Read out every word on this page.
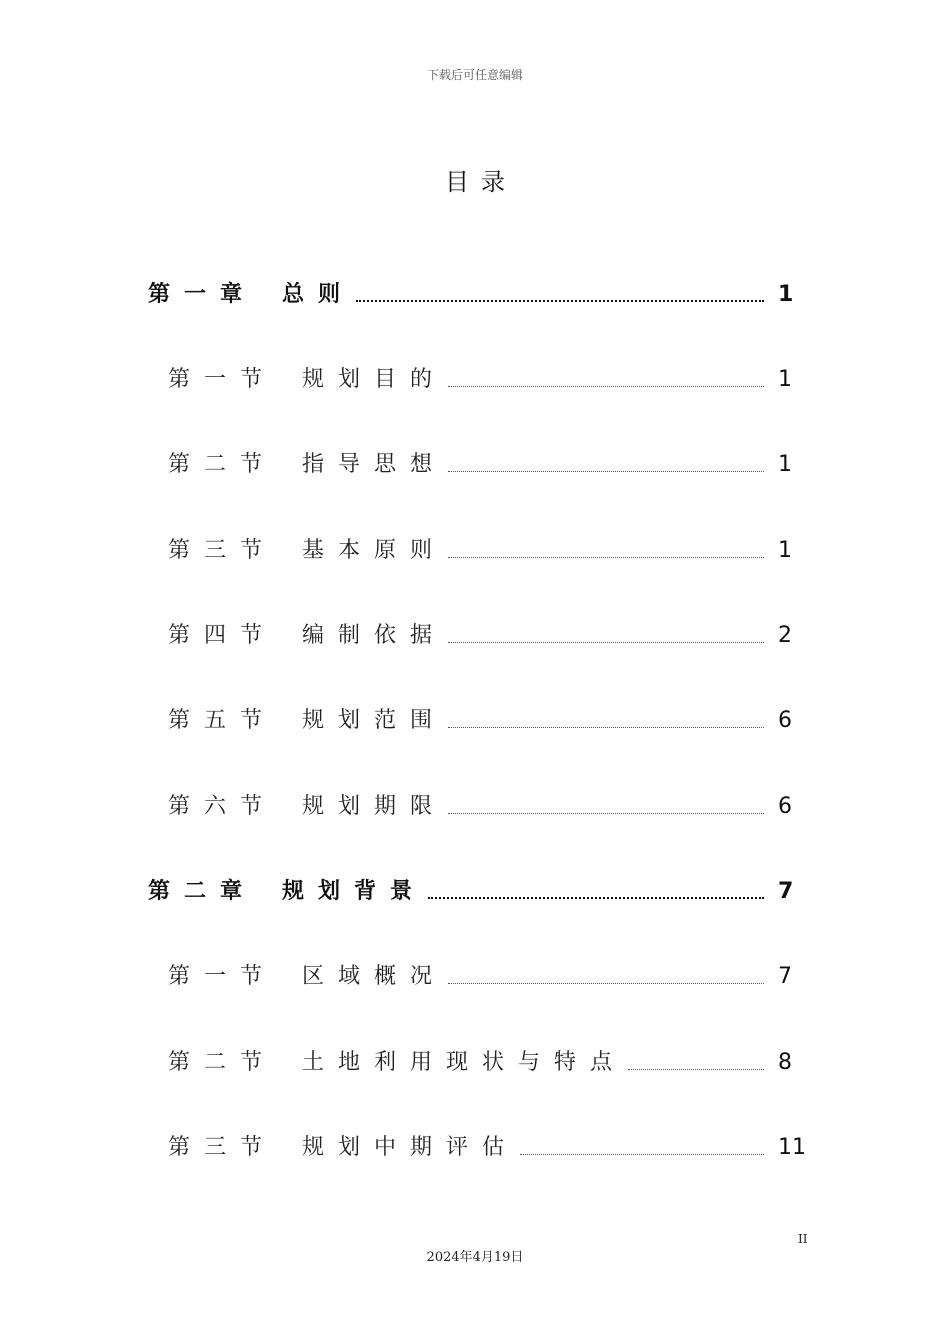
下载后可任意编辑
目录
第一章 总则	1
第一节 规划目的	1
第二节 指导思想	1
第三节 基本原则	1
第四节 编制依据	2
第五节 规划范围	6
第六节 规划期限	6
第二章 规划背景	7
第一节 区域概况	7
第二节 土地利用现状与特点	8
第三节 规划中期评估	11
II
2024年4月19日
